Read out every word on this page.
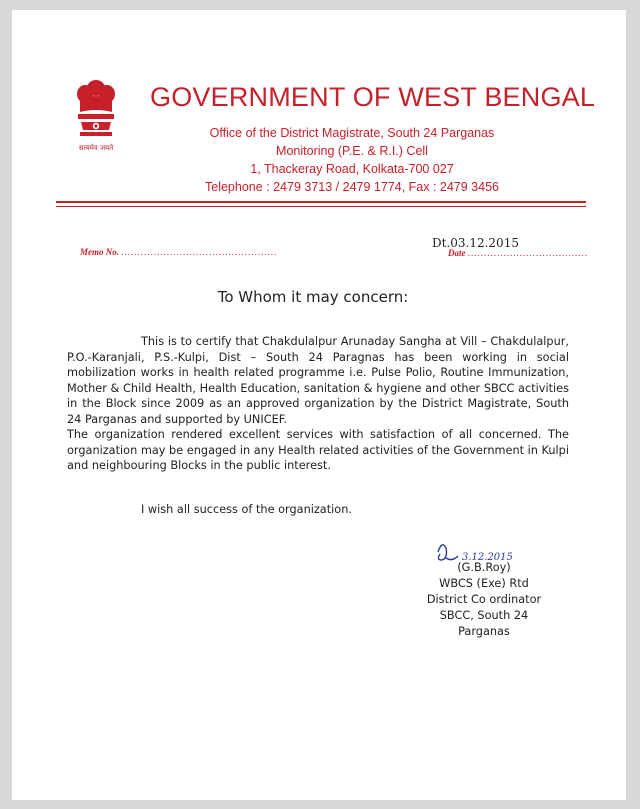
सत्यमेव जयते
GOVERNMENT OF WEST BENGAL
Office of the District Magistrate, South 24 Parganas
Monitoring (P.E. & R.I.) Cell
1, Thackeray Road, Kolkata-700 027
Telephone : 2479 3713 / 2479 1774, Fax : 2479 3456
Memo No. ................................................
Dt.03.12.2015
Date .....................................
To Whom it may concern:

This is to certify that Chakdulalpur Arunaday Sangha at Vill – Chakdulalpur, P.O.-Karanjali, P.S.-Kulpi, Dist – South 24 Paragnas has been working in social mobilization works in health related programme i.e. Pulse Polio, Routine Immunization, Mother & Child Health, Health Education, sanitation & hygiene and other SBCC activities in the Block since 2009 as an approved organization by the District Magistrate, South 24 Parganas and supported by UNICEF.

The organization rendered excellent services with satisfaction of all concerned. The organization may be engaged in any Health related activities of the Government in Kulpi and neighbouring Blocks in the public interest.

I wish all success of the organization.
3.12.2015
(G.B.Roy)
WBCS (Exe) Rtd
District Co ordinator
SBCC, South 24
Parganas
